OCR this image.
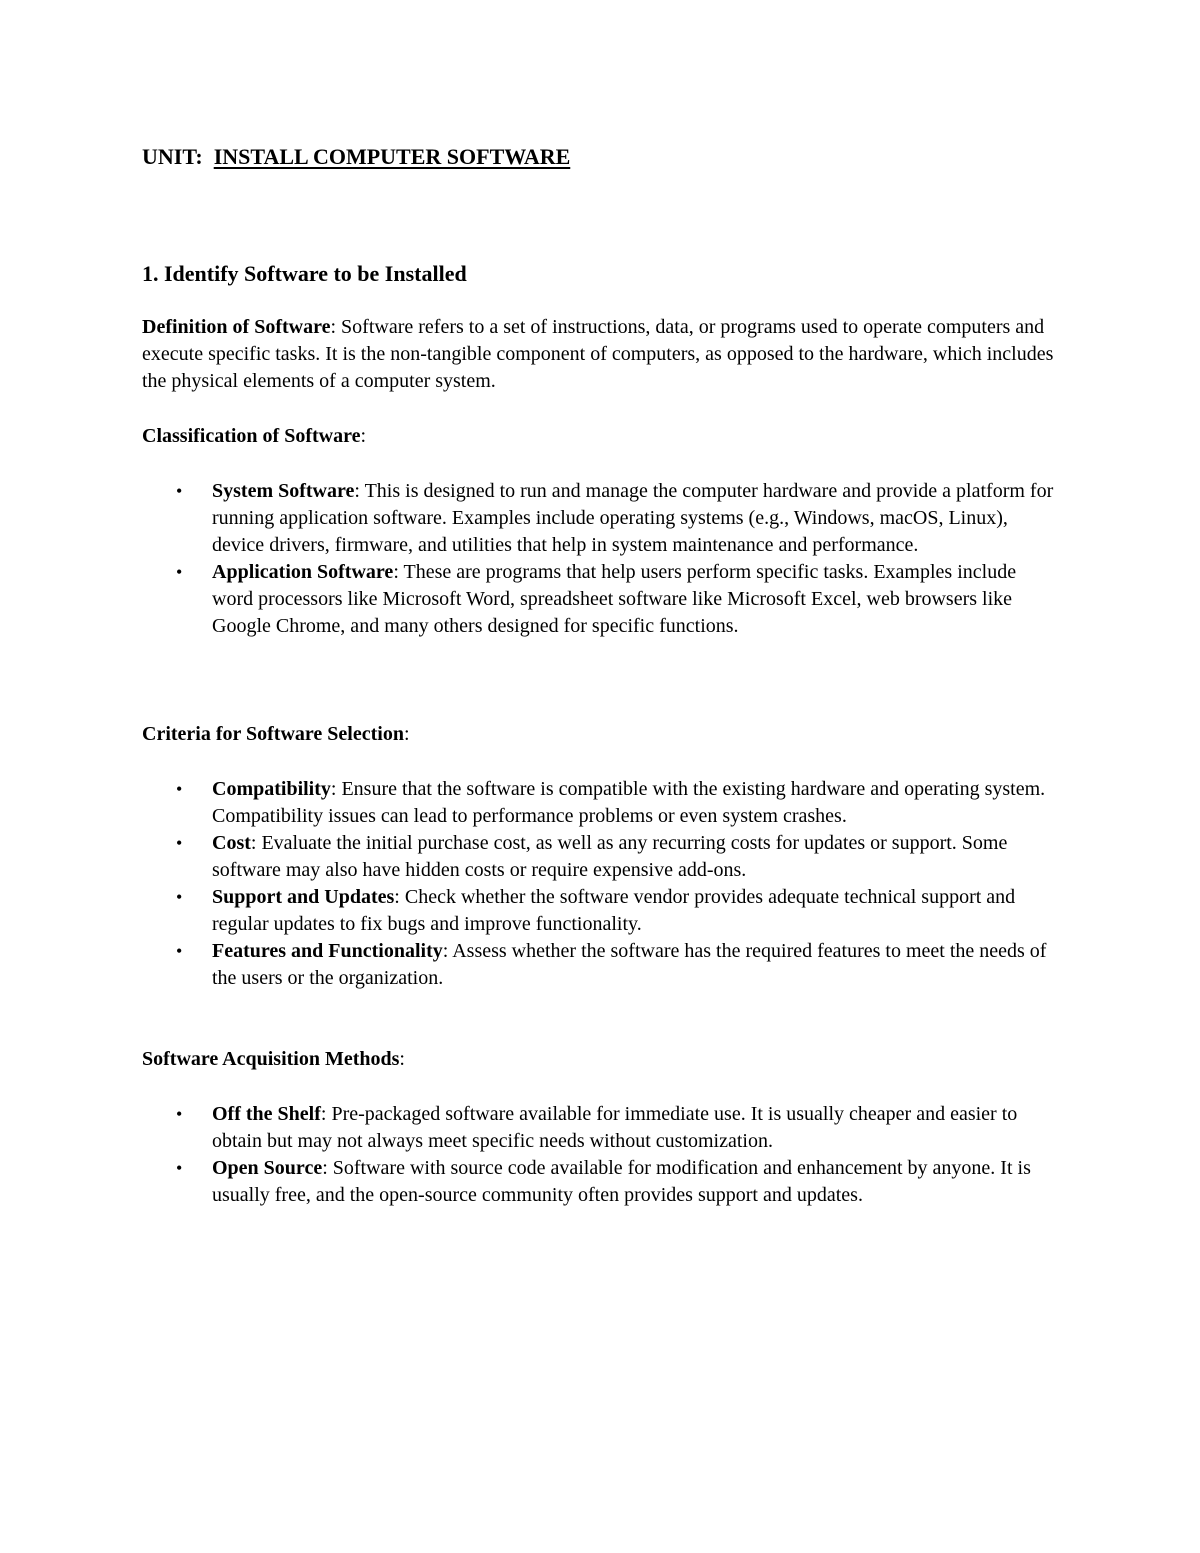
UNIT: INSTALL COMPUTER SOFTWARE
1. Identify Software to be Installed

Definition of Software: Software refers to a set of instructions, data, or programs used to operate computers and execute specific tasks. It is the non-tangible component of computers, as opposed to the hardware, which includes the physical elements of a computer system.

Classification of Software:

• System Software: This is designed to run and manage the computer hardware and provide a platform for running application software. Examples include operating systems (e.g., Windows, macOS, Linux), device drivers, firmware, and utilities that help in system maintenance and performance.
• Application Software: These are programs that help users perform specific tasks. Examples include word processors like Microsoft Word, spreadsheet software like Microsoft Excel, web browsers like Google Chrome, and many others designed for specific functions.

Criteria for Software Selection:

• Compatibility: Ensure that the software is compatible with the existing hardware and operating system. Compatibility issues can lead to performance problems or even system crashes.
• Cost: Evaluate the initial purchase cost, as well as any recurring costs for updates or support. Some software may also have hidden costs or require expensive add-ons.
• Support and Updates: Check whether the software vendor provides adequate technical support and regular updates to fix bugs and improve functionality.
• Features and Functionality: Assess whether the software has the required features to meet the needs of the users or the organization.

Software Acquisition Methods:

• Off the Shelf: Pre-packaged software available for immediate use. It is usually cheaper and easier to obtain but may not always meet specific needs without customization.
• Open Source: Software with source code available for modification and enhancement by anyone. It is usually free, and the open-source community often provides support and updates.
